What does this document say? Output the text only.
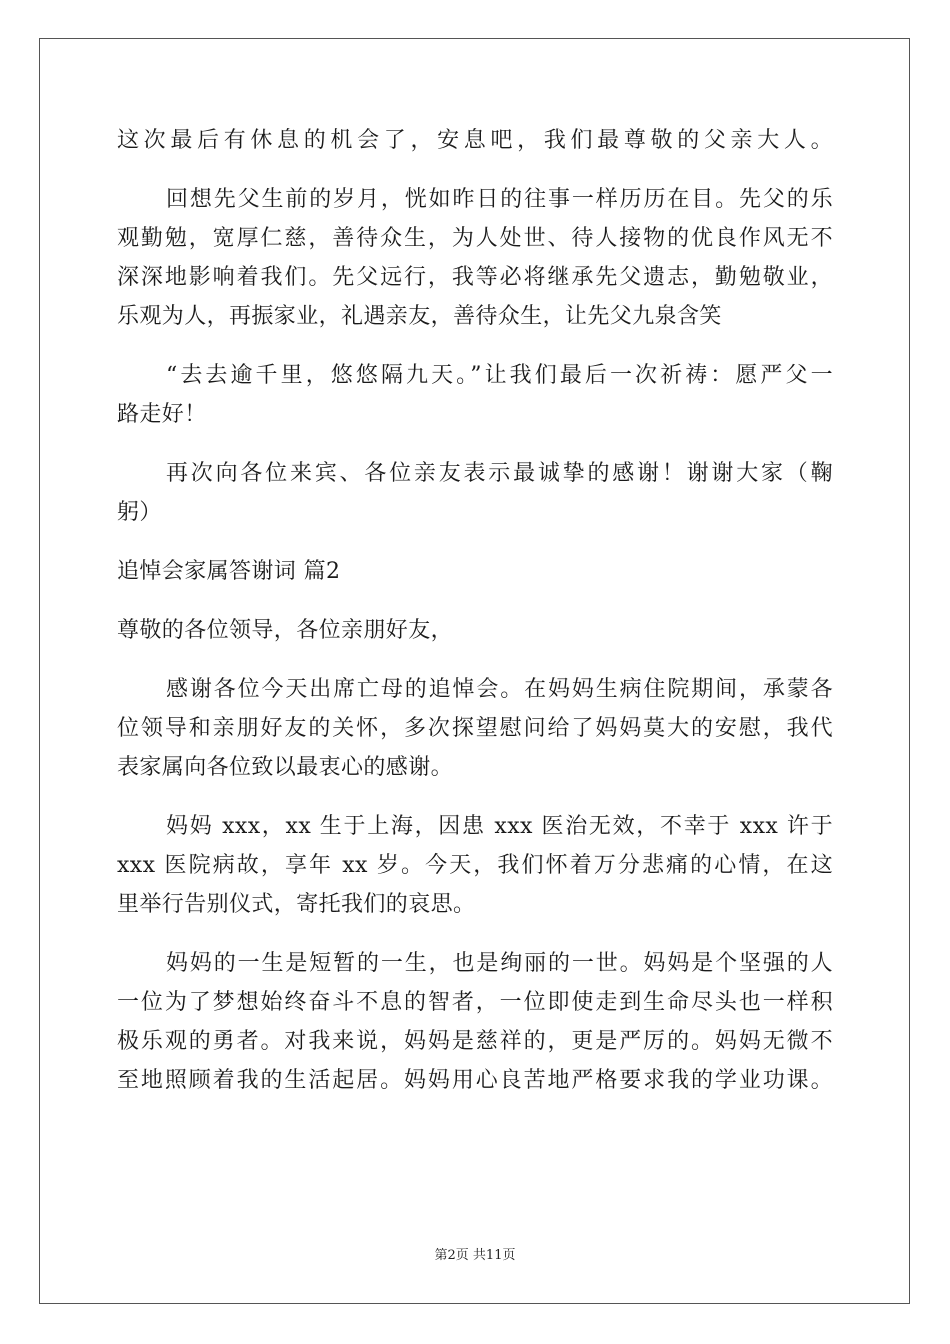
这次最后有休息的机会了，安息吧，我们最尊敬的父亲大人。
回想先父生前的岁月，恍如昨日的往事一样历历在目。先父的乐
观勤勉，宽厚仁慈，善待众生，为人处世、待人接物的优良作风无不
深深地影响着我们。先父远行，我等必将继承先父遗志，勤勉敬业，
乐观为人，再振家业，礼遇亲友，善待众生，让先父九泉含笑
“去去逾千里，悠悠隔九天。”让我们最后一次祈祷：愿严父一
路走好！
再次向各位来宾、各位亲友表示最诚挚的感谢！谢谢大家（鞠
躬）
追悼会家属答谢词 篇2
尊敬的各位领导，各位亲朋好友，
感谢各位今天出席亡母的追悼会。在妈妈生病住院期间，承蒙各
位领导和亲朋好友的关怀，多次探望慰问给了妈妈莫大的安慰，我代
表家属向各位致以最衷心的感谢。
妈妈 xxx，xx 生于上海，因患 xxx 医治无效，不幸于 xxx 许于
xxx 医院病故，享年 xx 岁。今天，我们怀着万分悲痛的心情，在这
里举行告别仪式，寄托我们的哀思。
妈妈的一生是短暂的一生，也是绚丽的一世。妈妈是个坚强的人
一位为了梦想始终奋斗不息的智者，一位即使走到生命尽头也一样积
极乐观的勇者。对我来说，妈妈是慈祥的，更是严厉的。妈妈无微不
至地照顾着我的生活起居。妈妈用心良苦地严格要求我的学业功课。
第2页 共11页
